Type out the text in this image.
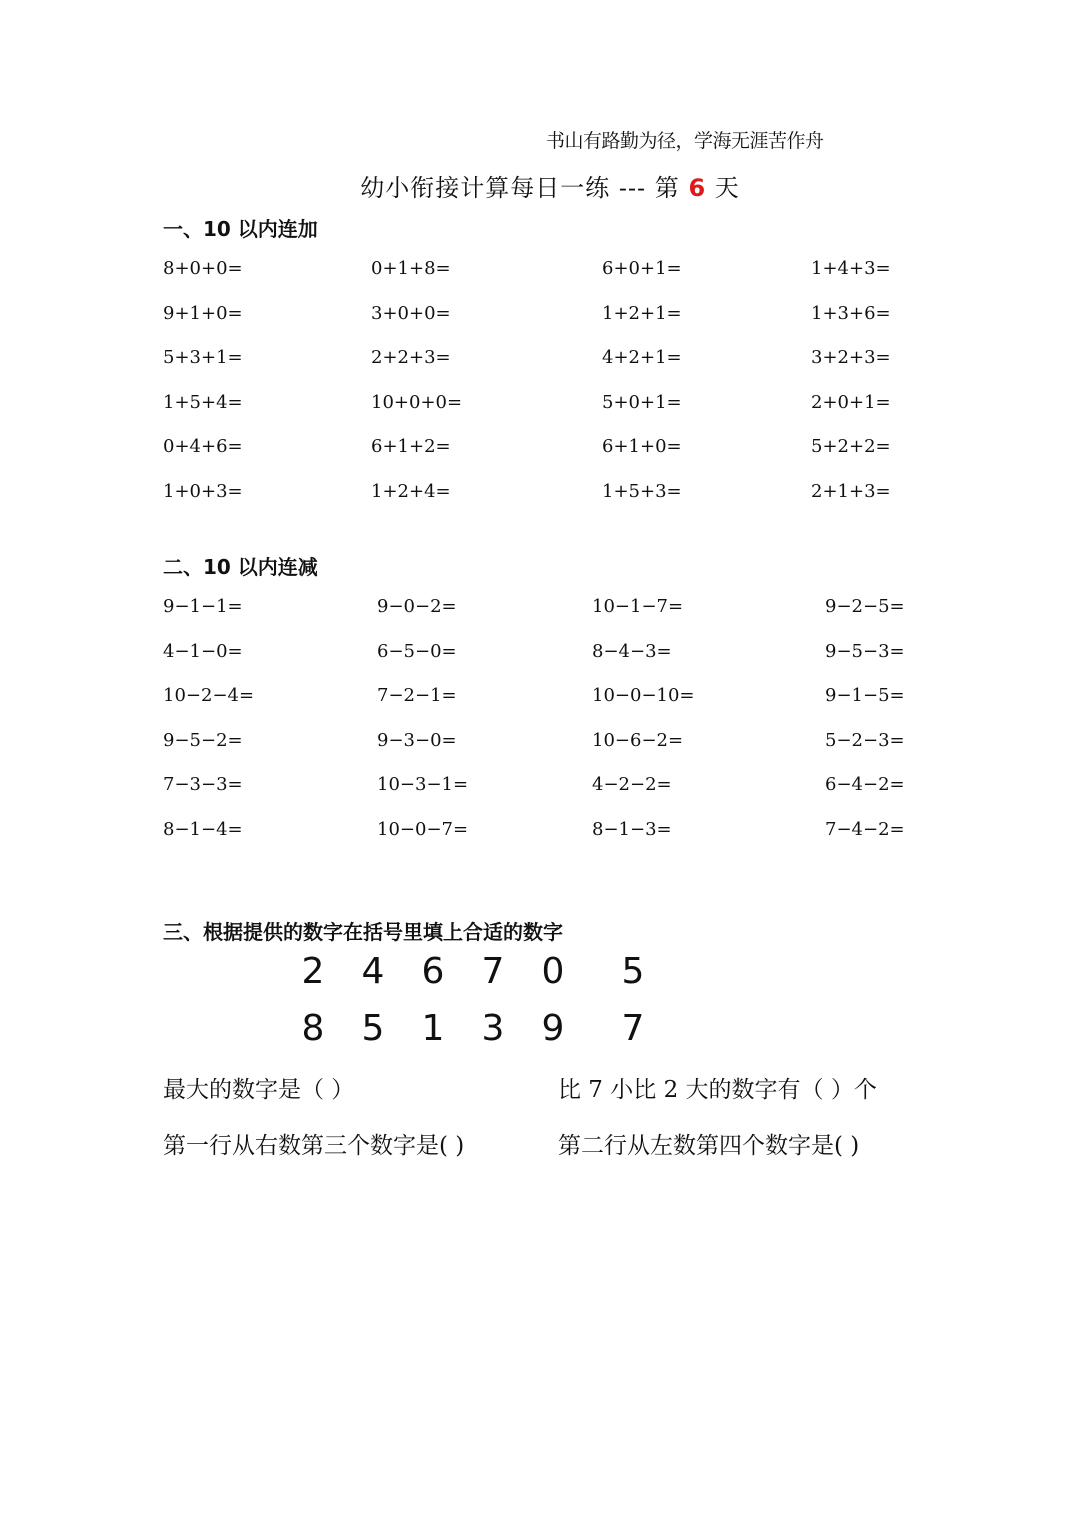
书山有路勤为径，学海无涯苦作舟
幼小衔接计算每日一练 --- 第 6 天
一、10 以内连加
8+0+0=	0+1+8=	6+0+1=	1+4+3=
9+1+0=	3+0+0=	1+2+1=	1+3+6=
5+3+1=	2+2+3=	4+2+1=	3+2+3=
1+5+4=	10+0+0=	5+0+1=	2+0+1=
0+4+6=	6+1+2=	6+1+0=	5+2+2=
1+0+3=	1+2+4=	1+5+3=	2+1+3=
二、10 以内连减
9−1−1=	9−0−2=	10−1−7=	9−2−5=
4−1−0=	6−5−0=	8−4−3=	9−5−3=
10−2−4=	7−2−1=	10−0−10=	9−1−5=
9−5−2=	9−3−0=	10−6−2=	5−2−3=
7−3−3=	10−3−1=	4−2−2=	6−4−2=
8−1−4=	10−0−7=	8−1−3=	7−4−2=
三、根据提供的数字在括号里填上合适的数字
2 4 6 7 0 5
8 5 1 3 9 7
最大的数字是（ ）	比 7 小比 2 大的数字有（ ）个
第一行从右数第三个数字是( )	第二行从左数第四个数字是( )
